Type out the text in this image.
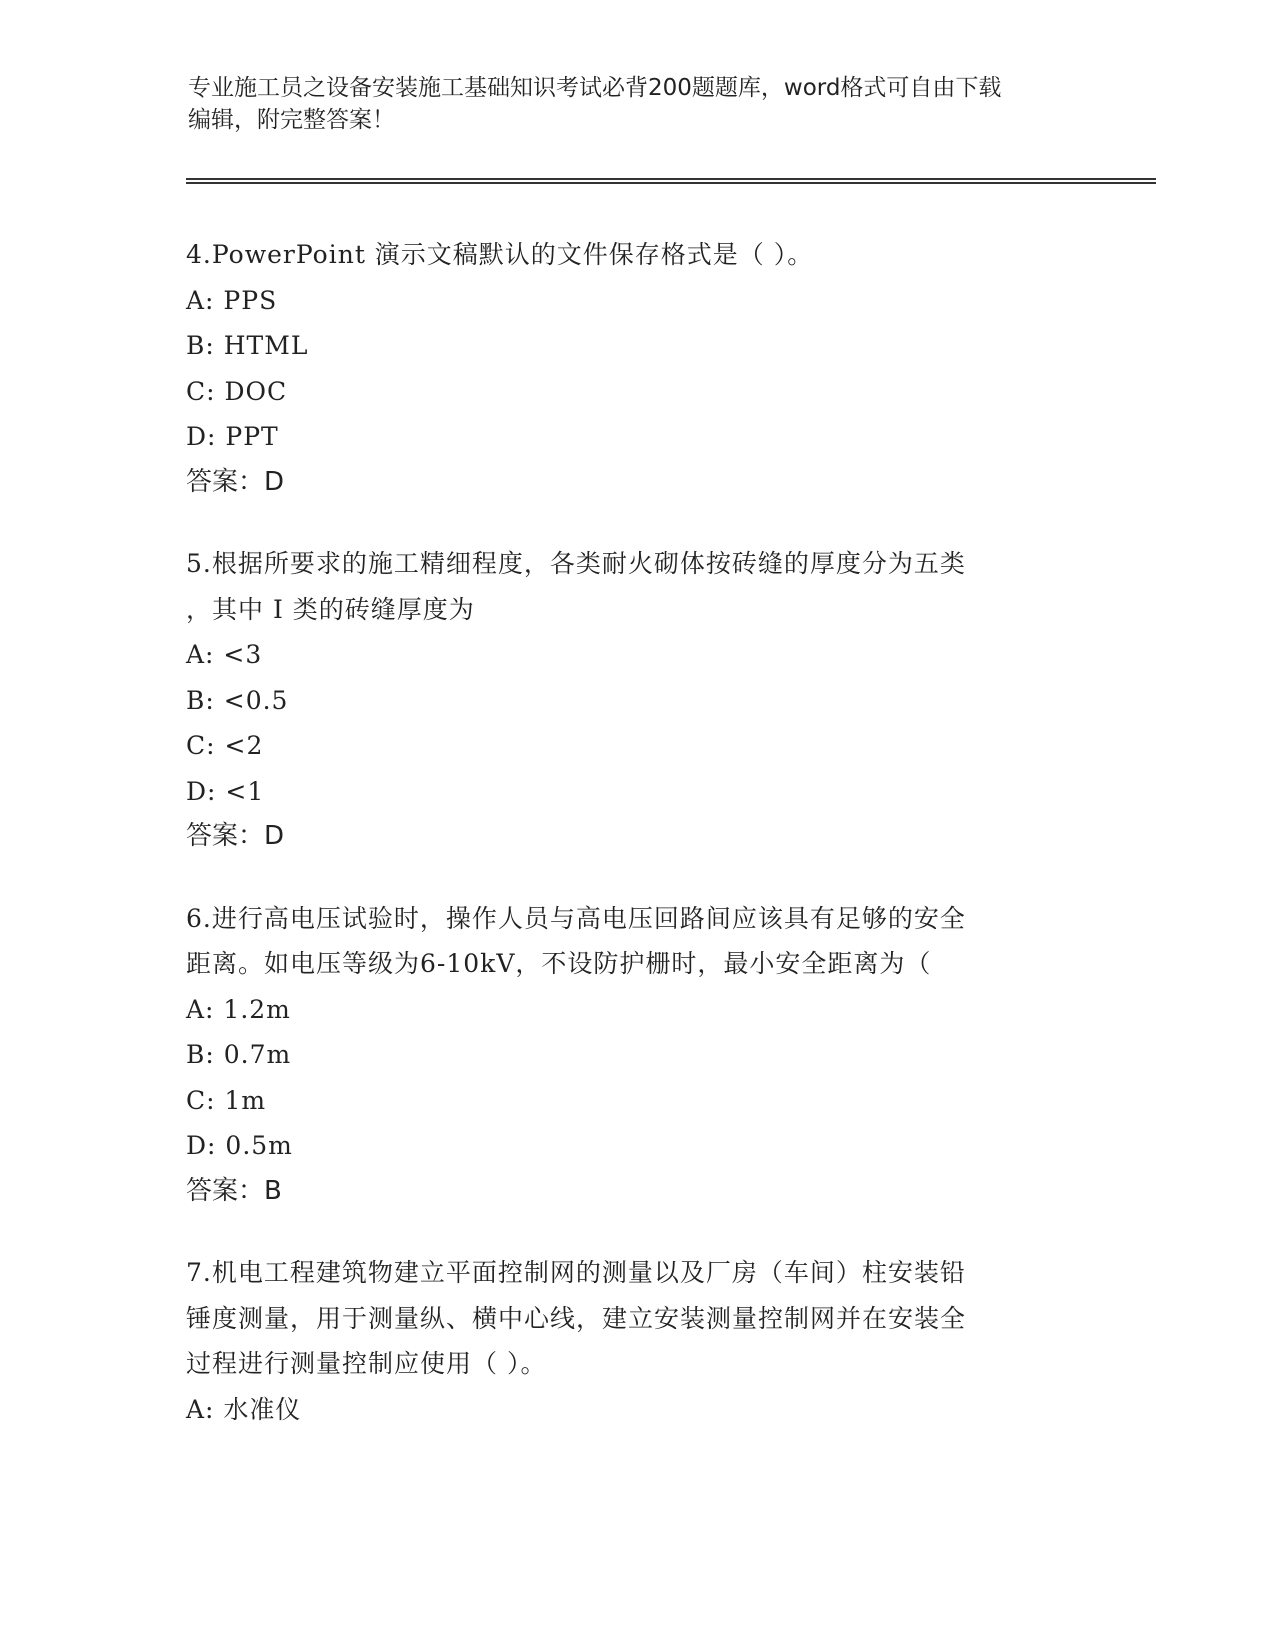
专业施工员之设备安装施工基础知识考试必背200题题库，word格式可自由下载
编辑，附完整答案！
4.PowerPoint 演示文稿默认的文件保存格式是（ ）。
A: PPS
B: HTML
C: DOC
D: PPT
答案：D
5.根据所要求的施工精细程度，各类耐火砌体按砖缝的厚度分为五类
，其中 I 类的砖缝厚度为
A: <3
B: <0.5
C: <2
D: <1
答案：D
6.进行高电压试验时，操作人员与高电压回路间应该具有足够的安全
距离。如电压等级为6-10kV，不设防护栅时，最小安全距离为（
A: 1.2m
B: 0.7m
C: 1m
D: 0.5m
答案：B
7.机电工程建筑物建立平面控制网的测量以及厂房（车间）柱安装铅
锤度测量，用于测量纵、横中心线，建立安装测量控制网并在安装全
过程进行测量控制应使用（ ）。
A: 水准仪
